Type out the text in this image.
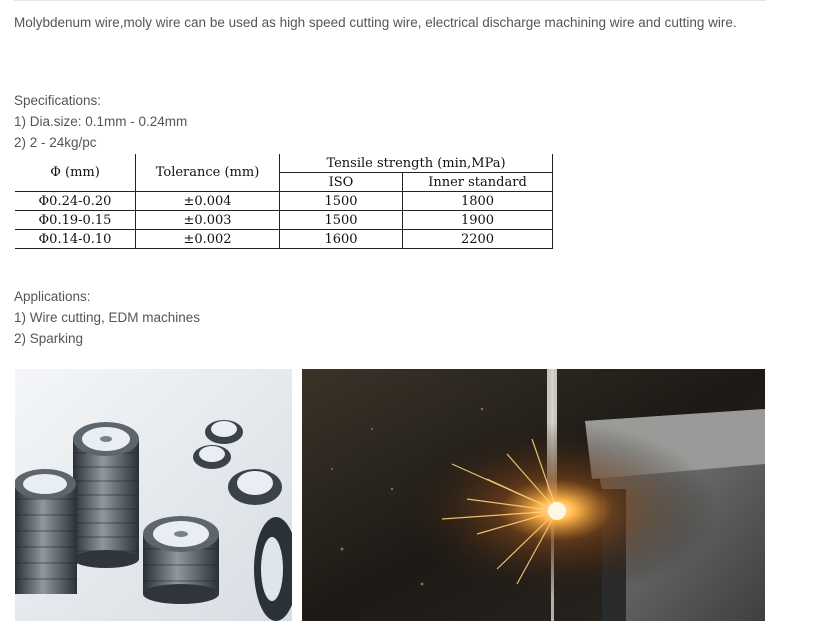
Molybdenum wire,moly wire can be used as high speed cutting wire, electrical discharge machining wire and cutting wire.

Specifications:
1) Dia.size: 0.1mm - 0.24mm
2) 2 - 24kg/pc
Φ (mm)	Tolerance (mm)	Tensile strength (min,MPa)	
		ISO	Inner standard
Φ0.24-0.20	±0.004	1500	1800
Φ0.19-0.15	±0.003	1500	1900
Φ0.14-0.10	±0.002	1600	2200
Applications:
1) Wire cutting, EDM machines
2) Sparking
